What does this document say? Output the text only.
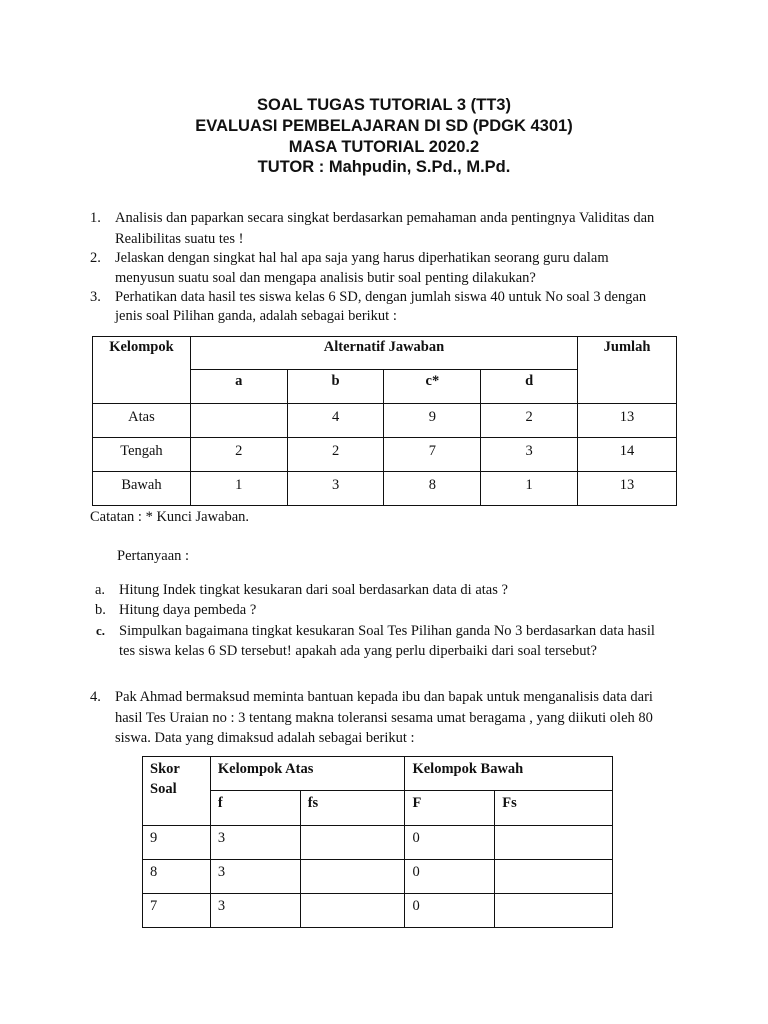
SOAL TUGAS TUTORIAL 3 (TT3)
EVALUASI PEMBELAJARAN DI SD (PDGK 4301)
MASA TUTORIAL 2020.2
TUTOR : Mahpudin, S.Pd., M.Pd.
1. Analisis dan paparkan secara singkat berdasarkan pemahaman anda pentingnya Validitas dan
Realibilitas suatu tes !
2. Jelaskan dengan singkat hal hal apa saja yang harus diperhatikan seorang guru dalam
menyusun suatu soal dan mengapa analisis butir soal penting dilakukan?
3. Perhatikan data hasil tes siswa kelas 6 SD, dengan jumlah siswa 40 untuk No soal 3 dengan
jenis soal Pilihan ganda, adalah sebagai berikut :
Kelompok	Alternatif Jawaban				Jumlah
	a	b	c*	d	
Atas		4	9	2	13
Tengah	2	2	7	3	14
Bawah	1	3	8	1	13
Catatan : * Kunci Jawaban.
Pertanyaan :
a. Hitung Indek tingkat kesukaran dari soal berdasarkan data di atas ?
b. Hitung daya pembeda ?
c. Simpulkan bagaimana tingkat kesukaran Soal Tes Pilihan ganda No 3 berdasarkan data hasil
tes siswa kelas 6 SD tersebut! apakah ada yang perlu diperbaiki dari soal tersebut?
4. Pak Ahmad bermaksud meminta bantuan kepada ibu dan bapak untuk menganalisis data dari
hasil Tes Uraian no : 3 tentang makna toleransi sesama umat beragama , yang diikuti oleh 80
siswa. Data yang dimaksud adalah sebagai berikut :
Skor
Soal	Kelompok Atas		Kelompok Bawah	
	f	fs	F	Fs
9	3		0	
8	3		0	
7	3		0	
